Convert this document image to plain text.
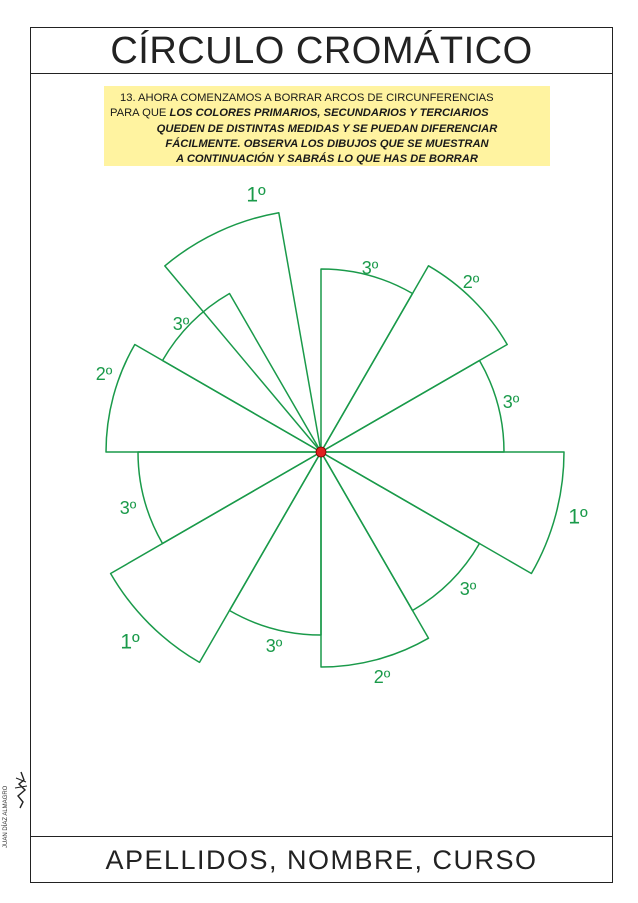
CÍRCULO CROMÁTICO
13. AHORA COMENZAMOS A BORRAR ARCOS DE CIRCUNFERENCIAS
PARA QUE LOS COLORES PRIMARIOS, SECUNDARIOS Y TERCIARIOS
QUEDEN DE DISTINTAS MEDIDAS Y SE PUEDAN DIFERENCIAR
FÁCILMENTE. OBSERVA LOS DIBUJOS QUE SE MUESTRAN
A CONTINUACIÓN Y SABRÁS LO QUE HAS DE BORRAR
1º
3º
2º
3º
1º
3º
2º
3º
1º
3º
2º
3º
JUAN DÍAZ ALMAGRO
APELLIDOS, NOMBRE, CURSO
